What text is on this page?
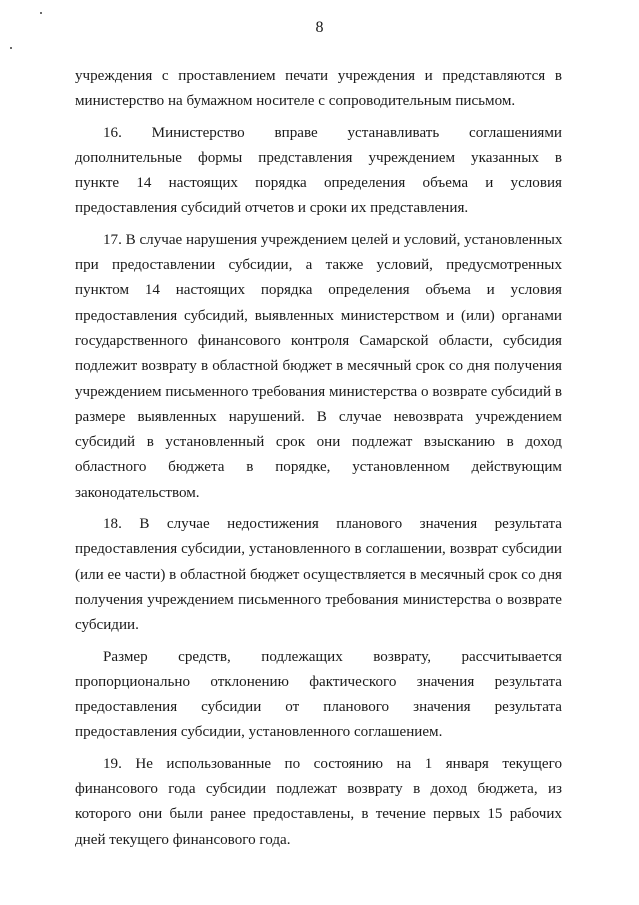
8

учреждения с проставлением печати учреждения и представляются в
министерство на бумажном носителе с сопроводительным письмом.

16. Министерство вправе устанавливать соглашениями
дополнительные формы представления учреждением указанных в
пункте 14 настоящих порядка определения объема и условия
предоставления субсидий отчетов и сроки их представления.

17. В случае нарушения учреждением целей и условий, установленных
при предоставлении субсидии, а также условий, предусмотренных
пунктом 14 настоящих порядка определения объема и условия
предоставления субсидий, выявленных министерством и (или) органами
государственного финансового контроля Самарской области, субсидия
подлежит возврату в областной бюджет в месячный срок со дня получения
учреждением письменного требования министерства о возврате субсидий в
размере выявленных нарушений. В случае невозврата учреждением
субсидий в установленный срок они подлежат взысканию в доход
областного бюджета в порядке, установленном действующим
законодательством.

18. В случае недостижения планового значения результата
предоставления субсидии, установленного в соглашении, возврат субсидии
(или ее части) в областной бюджет осуществляется в месячный срок со дня
получения учреждением письменного требования министерства о возврате
субсидии.

Размер средств, подлежащих возврату, рассчитывается
пропорционально отклонению фактического значения результата
предоставления субсидии от планового значения результата
предоставления субсидии, установленного соглашением.

19. Не использованные по состоянию на 1 января текущего
финансового года субсидии подлежат возврату в доход бюджета, из
которого они были ранее предоставлены, в течение первых 15 рабочих
дней текущего финансового года.
